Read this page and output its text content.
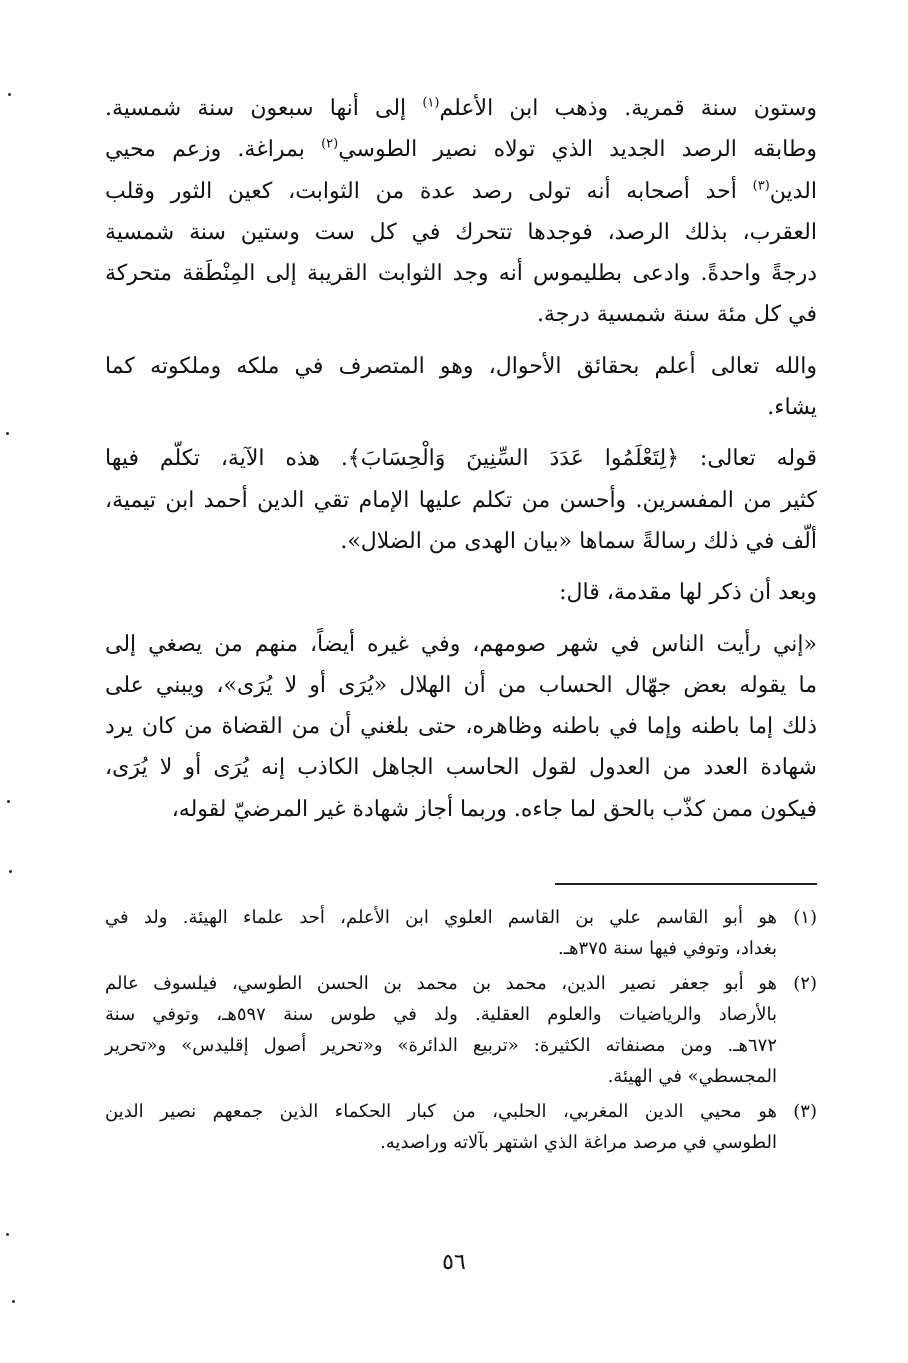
وستون سنة قمرية. وذهب ابن الأعلم$^{(١)}$ إلى أنها سبعون سنة شمسية.
وطابقه الرصد الجديد الذي تولاه نصير الطوسي$^{(٢)}$ بمراغة. وزعم محيي
الدين$^{(٣)}$ أحد أصحابه أنه تولى رصد عدة من الثوابت، كعين الثور وقلب
العقرب، بذلك الرصد، فوجدها تتحرك في كل ست وستين سنة شمسية
درجةً واحدةً. وادعى بطليموس أنه وجد الثوابت القريبة إلى المِنْطَقة متحركة
في كل مئة سنة شمسية درجة.
والله تعالى أعلم بحقائق الأحوال، وهو المتصرف في ملكه وملكوته كما
يشاء.
قوله تعالى: ﴿لِتَعْلَمُوا عَدَدَ السِّنِينَ وَالْحِسَابَ﴾. هذه الآية، تكلّم فيها
كثير من المفسرين. وأحسن من تكلم عليها الإمام تقي الدين أحمد ابن تيمية،
ألّف في ذلك رسالةً سماها «بيان الهدى من الضلال».
وبعد أن ذكر لها مقدمة، قال:
«إني رأيت الناس في شهر صومهم، وفي غيره أيضاً، منهم من يصغي إلى
ما يقوله بعض جهّال الحساب من أن الهلال «يُرَى أو لا يُرَى»، ويبني على
ذلك إما باطنه وإما في باطنه وظاهره، حتى بلغني أن من القضاة من كان يرد
شهادة العدد من العدول لقول الحاسب الجاهل الكاذب إنه يُرَى أو لا يُرَى،
فيكون ممن كذّب بالحق لما جاءه. وربما أجاز شهادة غير المرضيّ لقوله،
(١)
هو أبو القاسم علي بن القاسم العلوي ابن الأعلم، أحد علماء الهيئة. ولد في
بغداد، وتوفي فيها سنة ٣٧٥هـ.
(٢)
هو أبو جعفر نصير الدين، محمد بن محمد بن الحسن الطوسي، فيلسوف عالم
بالأرصاد والرياضيات والعلوم العقلية. ولد في طوس سنة ٥٩٧هـ، وتوفي سنة
٦٧٢هـ. ومن مصنفاته الكثيرة: «تربيع الدائرة» و«تحرير أصول إقليدس» و«تحرير
المجسطي» في الهيئة.
(٣)
هو محيي الدين المغربي، الحلبي، من كبار الحكماء الذين جمعهم نصير الدين
الطوسي في مرصد مراغة الذي اشتهر بآلاته وراصديه.
٥٦
